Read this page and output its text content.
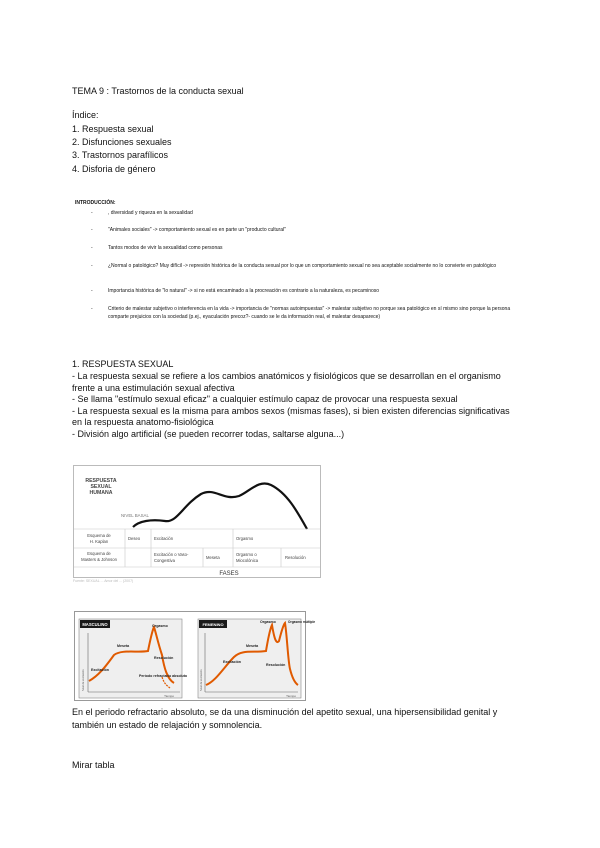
TEMA 9 : Trastornos de la conducta sexual
Índice:
1. Respuesta sexual
2. Disfunciones sexuales
3. Trastornos parafílicos
4. Disforia de género
INTRODUCCIÓN:
-	, diversidad y riqueza en la sexualidad
-	"Animales sociales" -> comportamiento sexual es en parte un "producto cultural"
-	Tantos modos de vivir la sexualidad como personas
-	¿Normal o patológico? Muy difícil -> represión histórica de la conducta sexual por lo que un comportamiento sexual no sea aceptable socialmente no lo convierte en patológico
-	Importancia histórica de "lo natural" -> si no está encaminado a la procreación es contrario a la naturaleza, es pecaminoso
-	Criterio de malestar subjetivo o interferencia en la vida -> importancia de "normas autoimpuestas" -> malestar subjetivo no porque sea patológico en sí mismo sino porque la persona comparte prejuicios con la sociedad (p.ej., eyaculación precoz?- cuando se le da información real, el malestar desaparece)
1. RESPUESTA SEXUAL
- La respuesta sexual se refiere a los cambios anatómicos y fisiológicos que se desarrollan en el organismo frente a una estimulación sexual afectiva
- Se llama "estímulo sexual eficaz" a cualquier estímulo capaz de provocar una respuesta sexual
- La respuesta sexual es la misma para ambos sexos (mismas fases), si bien existen diferencias significativas en la respuesta anatomo-fisiológica
- División algo artificial (se pueden recorrer todas, saltarse alguna...)
RESPUESTA
SEXUAL
HUMANA
NIVEL BASAL
Esquema de
H. Kaplan
Deseo	Excitación	Orgasmo
Esquema de
Masters & Johnson
Excitación o Vaso-
Congestiva
Meseta
Orgasmo o
Miocolónica
Resolución
FASES
Fuente: SEXUAL ... Amor del ... (2007)
MASCULINO	Orgasmo
Meseta
Resolución
Excitación
Período refractario absoluto
Tiempo
Nivel de excitación
FEMENINO	Orgasmo	Orgasmo múltiple
Meseta
Excitación
Resolución
Tiempo
Nivel de excitación
En el periodo refractario absoluto, se da una disminución del apetito sexual, una hipersensibilidad genital y también un estado de relajación y somnolencia.
Mirar tabla
